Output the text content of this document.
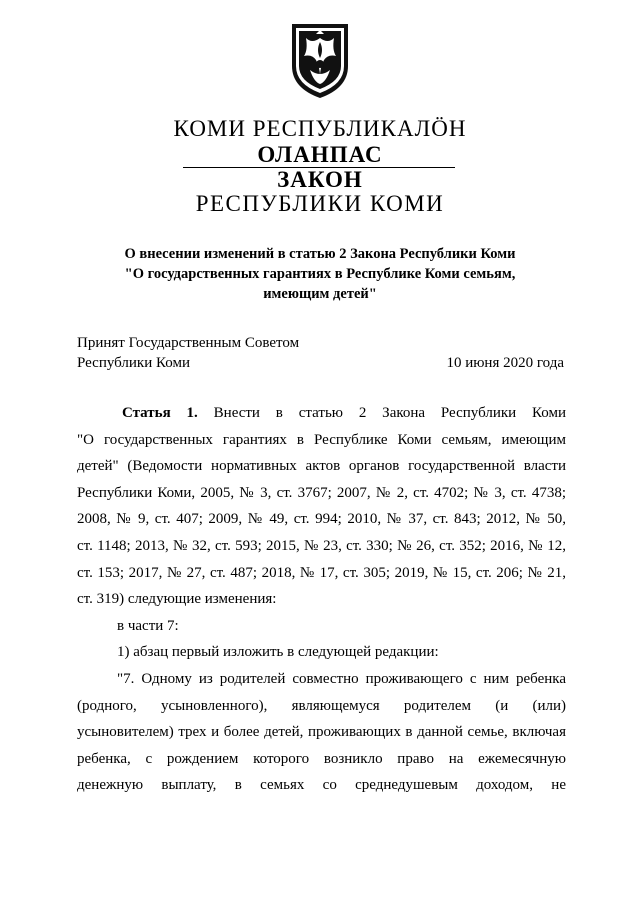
КОМИ РЕСПУБЛИКАЛÖН
ОЛАНПАС
ЗАКОН
РЕСПУБЛИКИ КОМИ
О внесении изменений в статью 2 Закона Республики Коми
"О государственных гарантиях в Республике Коми семьям,
имеющим детей"
Принят Государственным Советом
Республики Коми	10 июня 2020 года
Статья 1. Внести в статью 2 Закона Республики Коми
"О государственных гарантиях в Республике Коми семьям, имеющим
детей" (Ведомости нормативных актов органов государственной власти
Республики Коми, 2005, № 3, ст. 3767; 2007, № 2, ст. 4702; № 3, ст. 4738;
2008, № 9, ст. 407; 2009, № 49, ст. 994; 2010, № 37, ст. 843; 2012, № 50,
ст. 1148; 2013, № 32, ст. 593; 2015, № 23, ст. 330; № 26, ст. 352; 2016, № 12,
ст. 153; 2017, № 27, ст. 487; 2018, № 17, ст. 305; 2019, № 15, ст. 206; № 21,
ст. 319) следующие изменения:
в части 7:
1) абзац первый изложить в следующей редакции:
"7. Одному из родителей совместно проживающего с ним ребенка
(родного, усыновленного), являющемуся родителем (и (или)
усыновителем) трех и более детей, проживающих в данной семье, включая
ребенка, с рождением которого возникло право на ежемесячную
денежную выплату, в семьях со среднедушевым доходом, не
